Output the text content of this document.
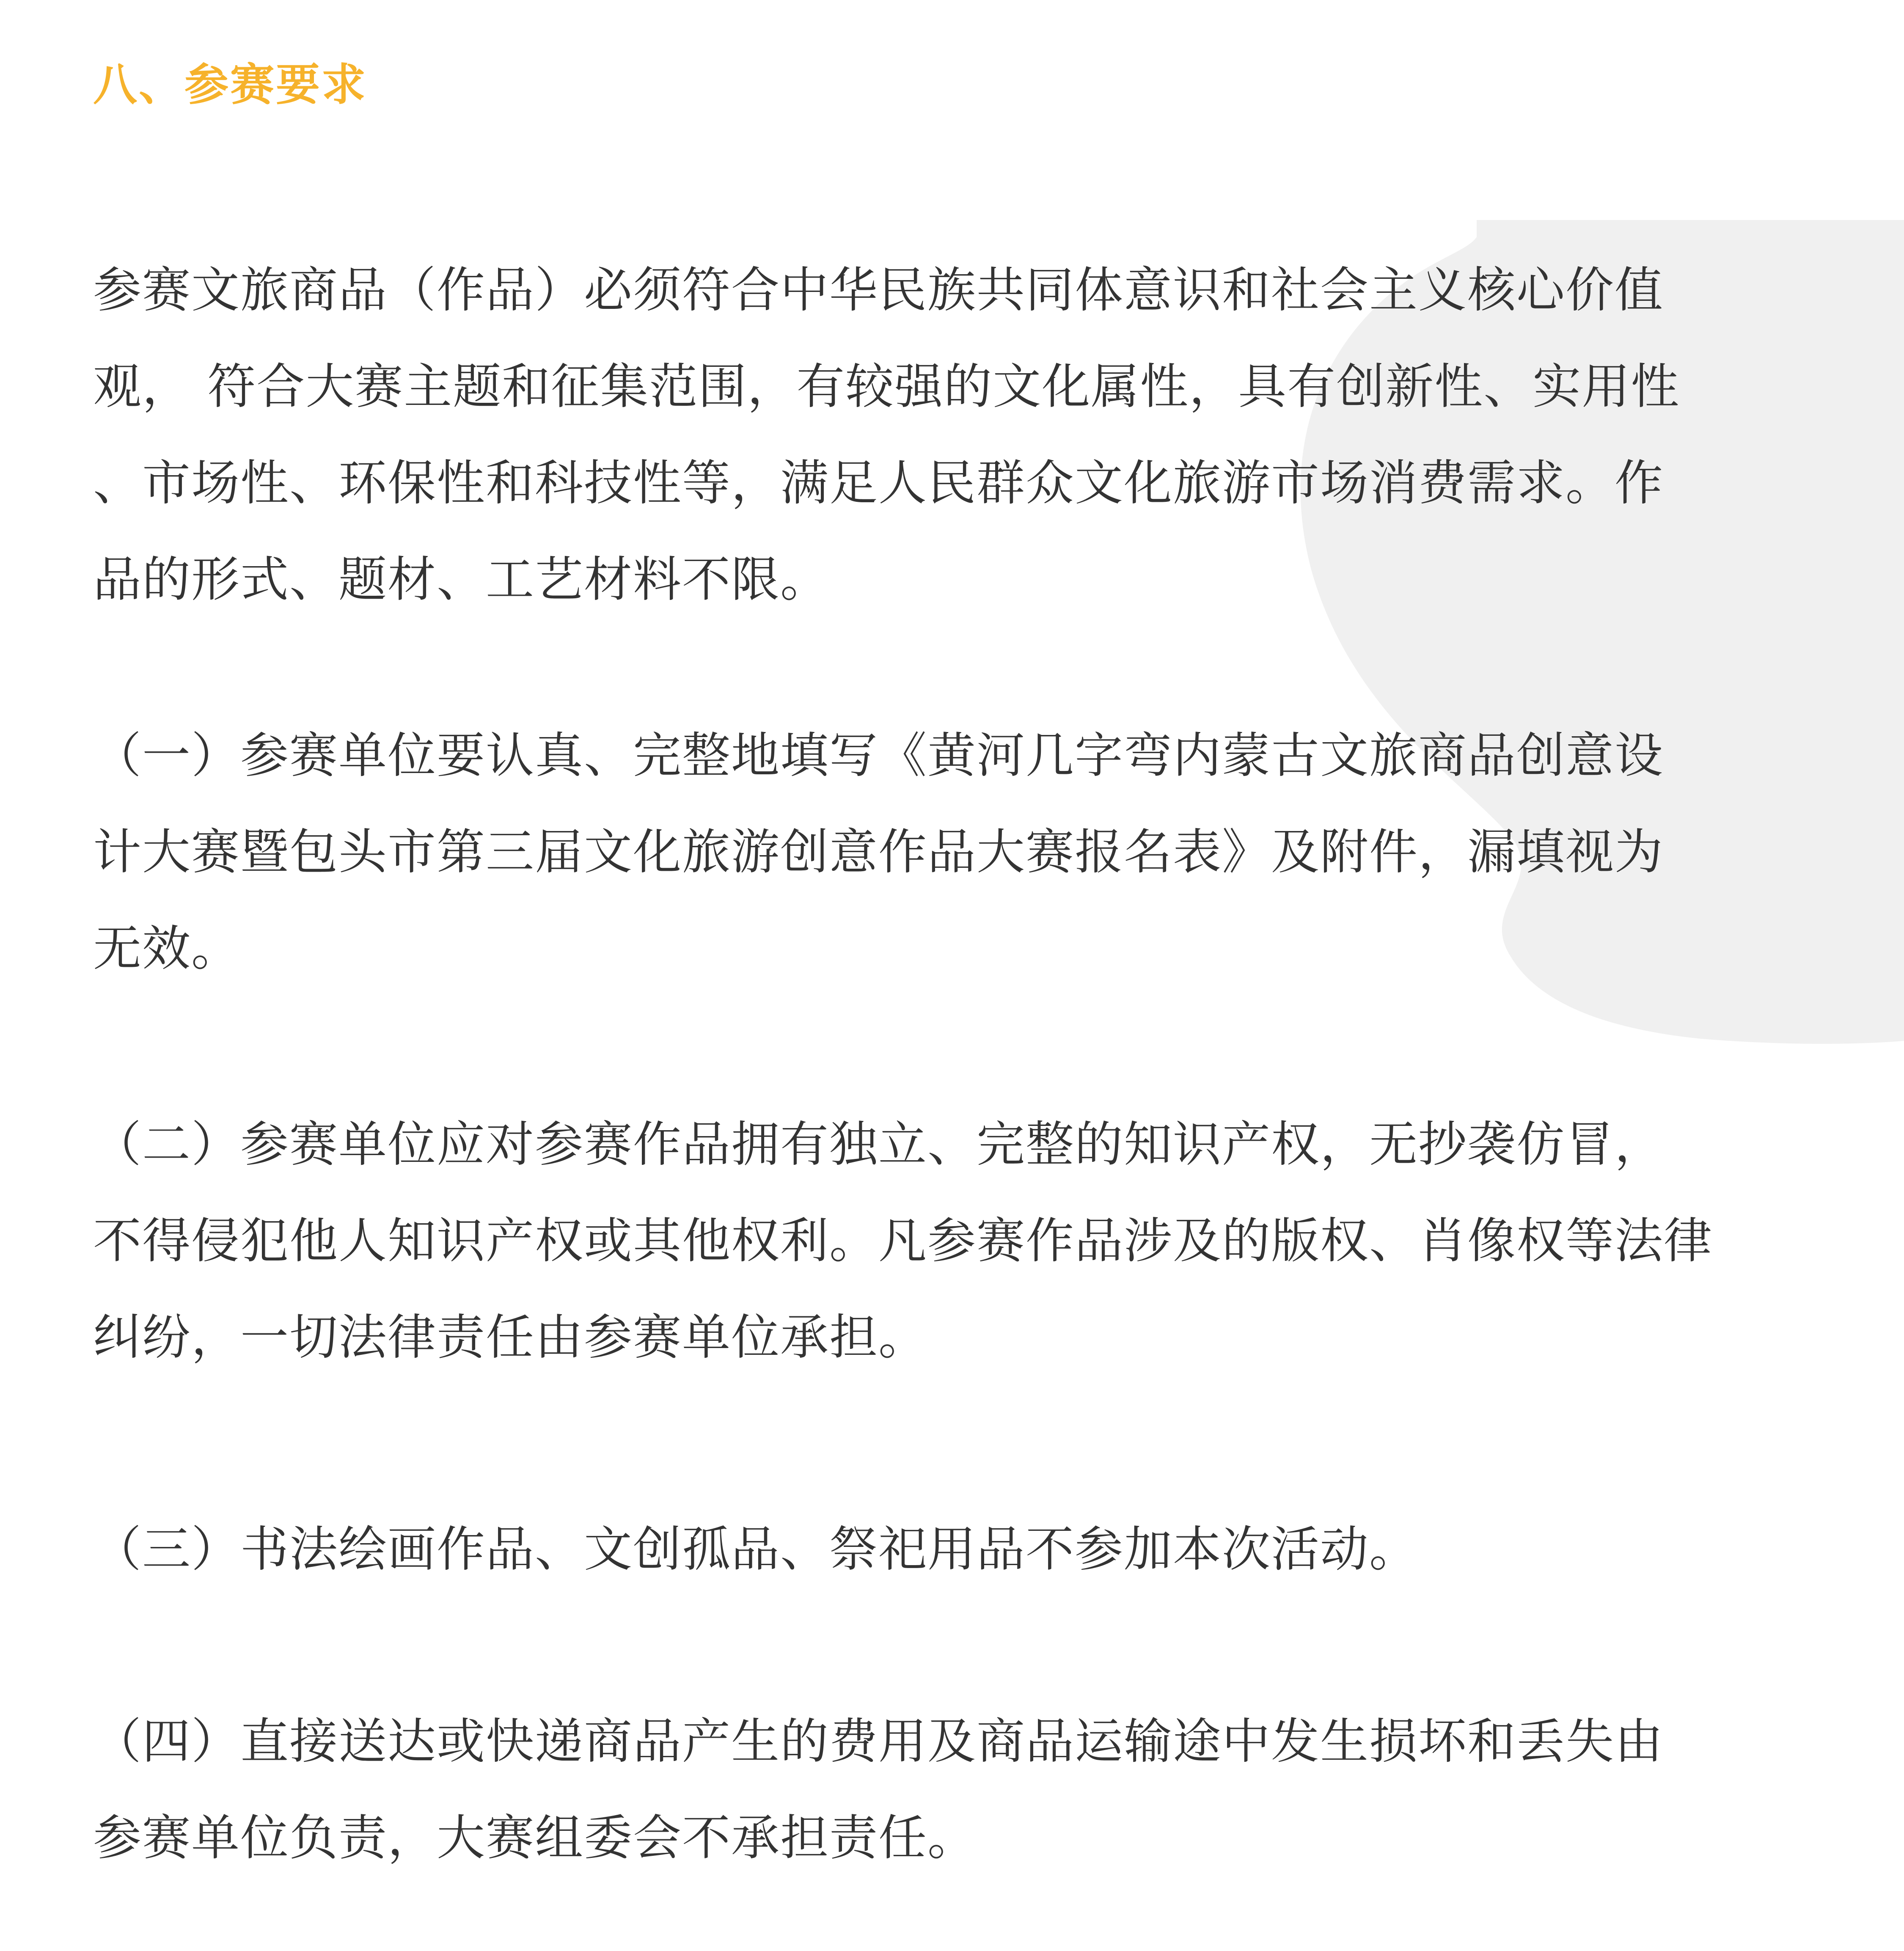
八、参赛要求

参赛文旅商品（作品）必须符合中华民族共同体意识和社会主义核心价值
观， 符合大赛主题和征集范围，有较强的文化属性，具有创新性、实用性
、市场性、环保性和科技性等，满足人民群众文化旅游市场消费需求。作
品的形式、题材、工艺材料不限。

（一）参赛单位要认真、完整地填写《黄河几字弯内蒙古文旅商品创意设
计大赛暨包头市第三届文化旅游创意作品大赛报名表》及附件，漏填视为
无效。

（二）参赛单位应对参赛作品拥有独立、完整的知识产权，无抄袭仿冒，
不得侵犯他人知识产权或其他权利。凡参赛作品涉及的版权、肖像权等法律
纠纷，一切法律责任由参赛单位承担。

（三）书法绘画作品、文创孤品、祭祀用品不参加本次活动。

（四）直接送达或快递商品产生的费用及商品运输途中发生损坏和丢失由
参赛单位负责，大赛组委会不承担责任。
